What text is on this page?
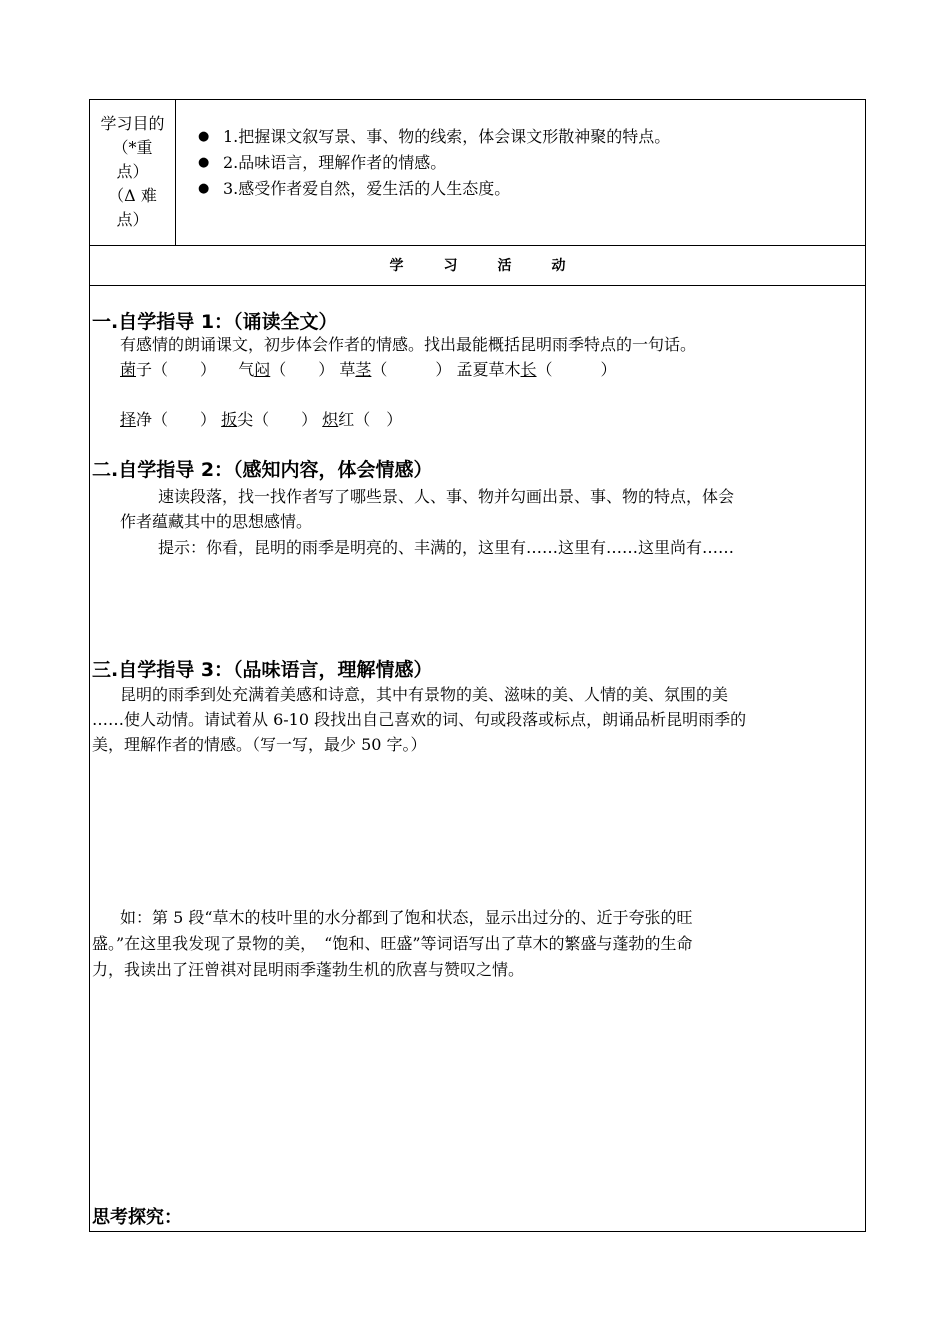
学习目的
（*重
点）
（Δ 难
点）
● 1.把握课文叙写景、事、物的线索，体会课文形散神聚的特点。
● 2.品味语言，理解作者的情感。
● 3.感受作者爱自然，爱生活的人生态度。
学习活动
一.自学指导 1：（诵读全文）
有感情的朗诵课文，初步体会作者的情感。找出最能概括昆明雨季特点的一句话。
菌子（　　） 气闷（　　） 草茎（　　　） 孟夏草木长（　　　）
择净（　　） 扳尖（　　） 炽红（　）
二.自学指导 2：（感知内容，体会情感）
速读段落，找一找作者写了哪些景、人、事、物并勾画出景、事、物的特点，体会
作者蕴藏其中的思想感情。
提示：你看，昆明的雨季是明亮的、丰满的，这里有……这里有……这里尚有……
三.自学指导 3：（品味语言，理解情感）
昆明的雨季到处充满着美感和诗意，其中有景物的美、滋味的美、人情的美、氛围的美
……使人动情。请试着从 6-10 段找出自己喜欢的词、句或段落或标点，朗诵品析昆明雨季的
美，理解作者的情感。（写一写，最少 50 字。）
如：第 5 段“草木的枝叶里的水分都到了饱和状态，显示出过分的、近于夸张的旺
盛。”在这里我发现了景物的美，　“饱和、旺盛”等词语写出了草木的繁盛与蓬勃的生命
力，我读出了汪曾祺对昆明雨季蓬勃生机的欣喜与赞叹之情。
思考探究：
